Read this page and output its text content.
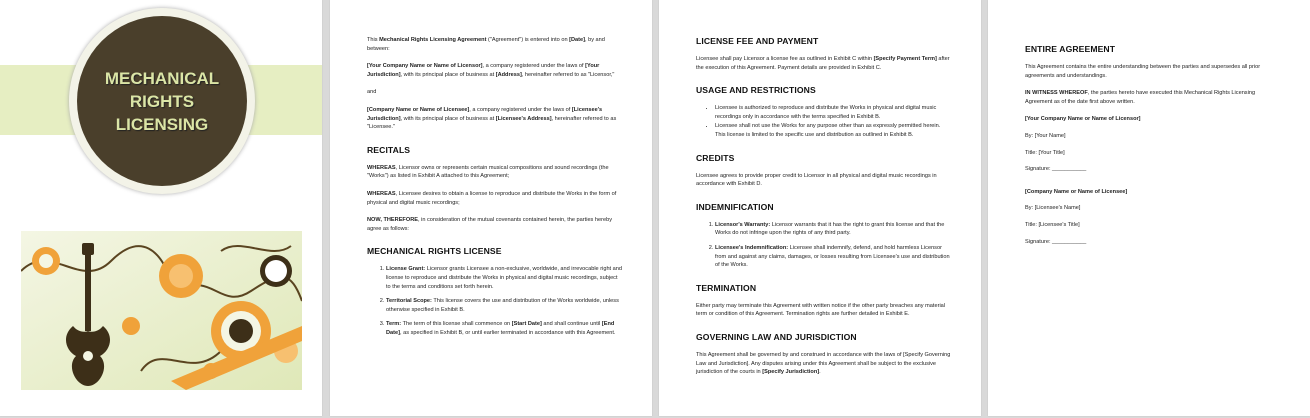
MECHANICAL
RIGHTS
LICENSING

This Mechanical Rights Licensing Agreement ("Agreement") is entered into on [Date], by and between:

[Your Company Name or Name of Licensor], a company registered under the laws of [Your Jurisdiction], with its principal place of business at [Address], hereinafter referred to as "Licensor,"

and

[Company Name or Name of Licensee], a company registered under the laws of [Licensee's Jurisdiction], with its principal place of business at [Licensee's Address], hereinafter referred to as "Licensee."

RECITALS

WHEREAS, Licensor owns or represents certain musical compositions and sound recordings (the "Works") as listed in Exhibit A attached to this Agreement;

WHEREAS, Licensee desires to obtain a license to reproduce and distribute the Works in the form of physical and digital music recordings;

NOW, THEREFORE, in consideration of the mutual covenants contained herein, the parties hereby agree as follows:

MECHANICAL RIGHTS LICENSE
1. License Grant: Licensor grants Licensee a non-exclusive, worldwide, and irrevocable right and license to reproduce and distribute the Works in physical and digital music recordings, subject to the terms and conditions set forth herein.
2. Territorial Scope: This license covers the use and distribution of the Works worldwide, unless otherwise specified in Exhibit B.
3. Term: The term of this license shall commence on [Start Date] and shall continue until [End Date], as specified in Exhibit B, or until earlier terminated in accordance with this Agreement.
LICENSE FEE AND PAYMENT

Licensee shall pay Licensor a license fee as outlined in Exhibit C within [Specify Payment Term] after the execution of this Agreement. Payment details are provided in Exhibit C.

USAGE AND RESTRICTIONS
• Licensee is authorized to reproduce and distribute the Works in physical and digital music recordings only in accordance with the terms specified in Exhibit B.
• Licensee shall not use the Works for any purpose other than as expressly permitted herein. This license is limited to the specific use and distribution as outlined in Exhibit B.
CREDITS

Licensee agrees to provide proper credit to Licensor in all physical and digital music recordings in accordance with Exhibit D.

INDEMNIFICATION
1. Licensor's Warranty: Licensor warrants that it has the right to grant this license and that the Works do not infringe upon the rights of any third party.
2. Licensee's Indemnification: Licensee shall indemnify, defend, and hold harmless Licensor from and against any claims, damages, or losses resulting from Licensee's use and distribution of the Works.
TERMINATION

Either party may terminate this Agreement with written notice if the other party breaches any material term or condition of this Agreement. Termination rights are further detailed in Exhibit E.

GOVERNING LAW AND JURISDICTION

This Agreement shall be governed by and construed in accordance with the laws of [Specify Governing Law and Jurisdiction]. Any disputes arising under this Agreement shall be subject to the exclusive jurisdiction of the courts in [Specify Jurisdiction].

ENTIRE AGREEMENT

This Agreement contains the entire understanding between the parties and supersedes all prior agreements and understandings.

IN WITNESS WHEREOF, the parties hereto have executed this Mechanical Rights Licensing Agreement as of the date first above written.

[Your Company Name or Name of Licensor]

By: [Your Name]

Title: [Your Title]

Signature: ___________

[Company Name or Name of Licensee]

By: [Licensee's Name]

Title: [Licensee's Title]

Signature: ___________
